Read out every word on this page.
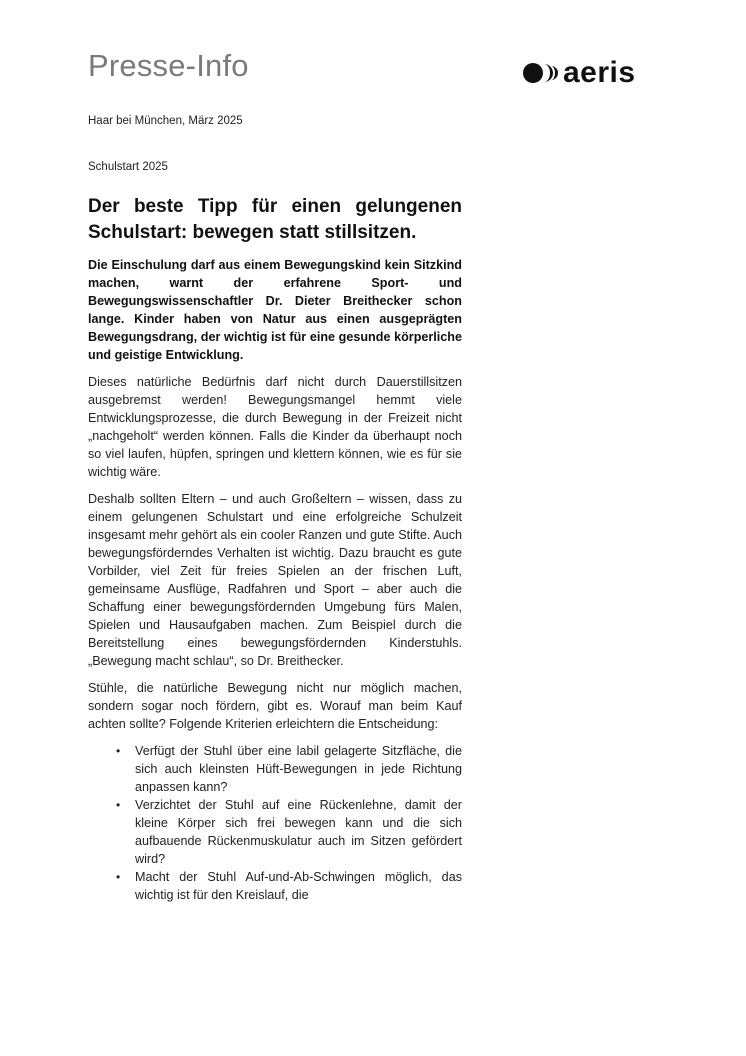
Presse-Info	aeris
Haar bei München, März 2025
Schulstart 2025
Der beste Tipp für einen gelungenen Schulstart: bewegen statt stillsitzen.

Die Einschulung darf aus einem Bewegungskind kein Sitzkind machen, warnt der erfahrene Sport- und Bewegungswissenschaftler Dr. Dieter Breithecker schon lange. Kinder haben von Natur aus einen ausgeprägten Bewegungsdrang, der wichtig ist für eine gesunde körperliche und geistige Entwicklung.

Dieses natürliche Bedürfnis darf nicht durch Dauerstillsitzen ausgebremst werden! Bewegungsmangel hemmt viele Entwicklungsprozesse, die durch Bewegung in der Freizeit nicht „nachgeholt“ werden können. Falls die Kinder da überhaupt noch so viel laufen, hüpfen, springen und klettern können, wie es für sie wichtig wäre.

Deshalb sollten Eltern – und auch Großeltern – wissen, dass zu einem gelungenen Schulstart und eine erfolgreiche Schulzeit insgesamt mehr gehört als ein cooler Ranzen und gute Stifte. Auch bewegungsförderndes Verhalten ist wichtig. Dazu braucht es gute Vorbilder, viel Zeit für freies Spielen an der frischen Luft, gemeinsame Ausflüge, Radfahren und Sport – aber auch die Schaffung einer bewegungsfördernden Umgebung fürs Malen, Spielen und Hausaufgaben machen. Zum Beispiel durch die Bereitstellung eines bewegungsfördernden Kinderstuhls. „Bewegung macht schlau“, so Dr. Breithecker.

Stühle, die natürliche Bewegung nicht nur möglich machen, sondern sogar noch fördern, gibt es. Worauf man beim Kauf achten sollte? Folgende Kriterien erleichtern die Entscheidung:

• Verfügt der Stuhl über eine labil gelagerte Sitzfläche, die sich auch kleinsten Hüft-Bewegungen in jede Richtung anpassen kann?
• Verzichtet der Stuhl auf eine Rückenlehne, damit der kleine Körper sich frei bewegen kann und die sich aufbauende Rückenmuskulatur auch im Sitzen gefördert wird?
• Macht der Stuhl Auf-und-Ab-Schwingen möglich, das wichtig ist für den Kreislauf, die
